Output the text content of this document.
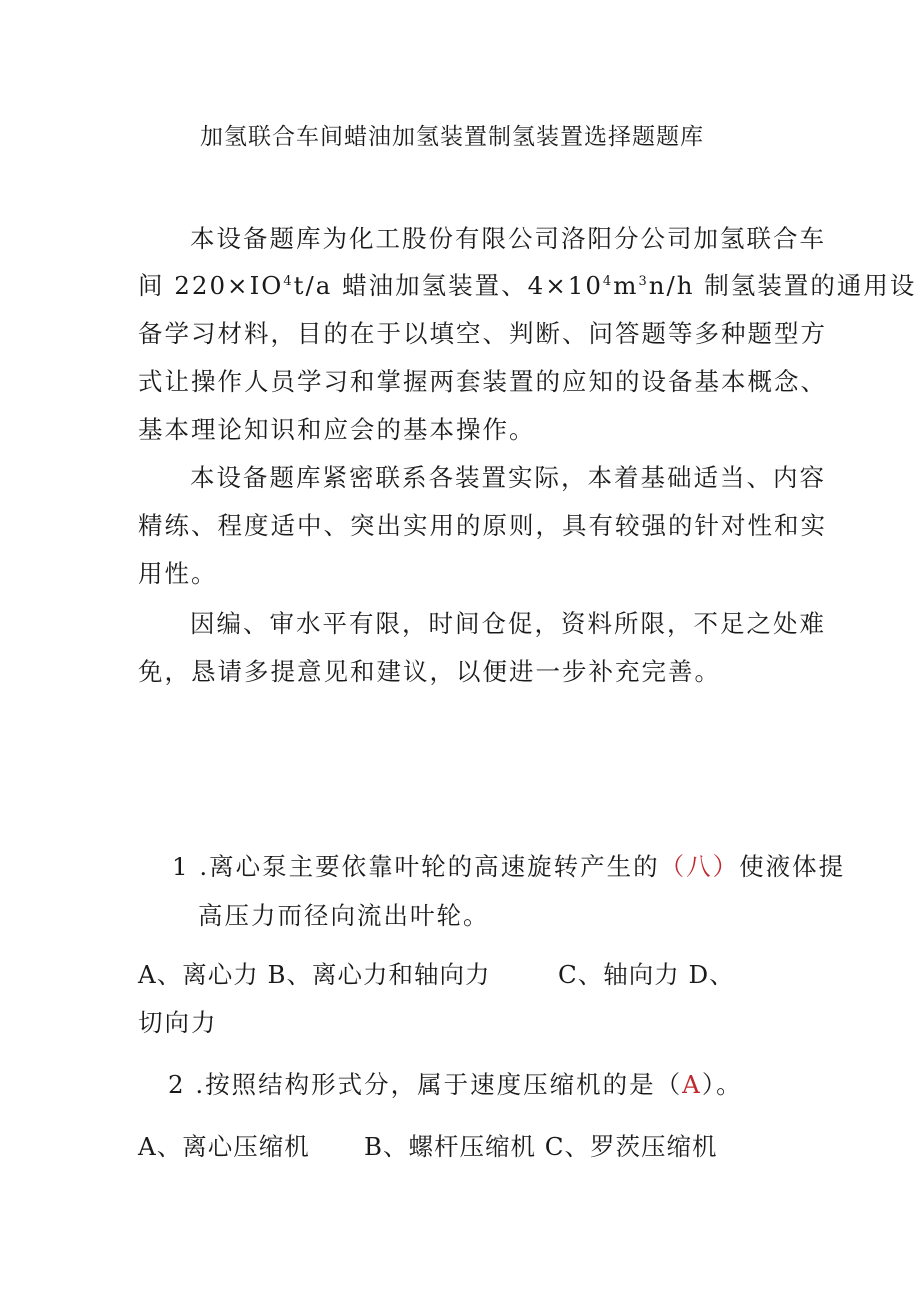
加氢联合车间蜡油加氢装置制氢装置选择题题库

本设备题库为化工股份有限公司洛阳分公司加氢联合车

间 $220\times IO^4t/a$ 蜡油加氢装置、$4\times 10^4m^3n/h$ 制氢装置的通用设

备学习材料，目的在于以填空、判断、问答题等多种题型方

式让操作人员学习和掌握两套装置的应知的设备基本概念、

基本理论知识和应会的基本操作。

本设备题库紧密联系各装置实际，本着基础适当、内容

精练、程度适中、突出实用的原则，具有较强的针对性和实

用性。

因编、审水平有限，时间仓促，资料所限，不足之处难

免，恳请多提意见和建议，以便进一步补充完善。

1 .离心泵主要依靠叶轮的高速旋转产生的（八）使液体提

高压力而径向流出叶轮。

A、离心力 B、离心力和轴向力	C、轴向力 D、

切向力

2 .按照结构形式分，属于速度压缩机的是（A）。

A、离心压缩机 B、螺杆压缩机 C、罗茨压缩机
